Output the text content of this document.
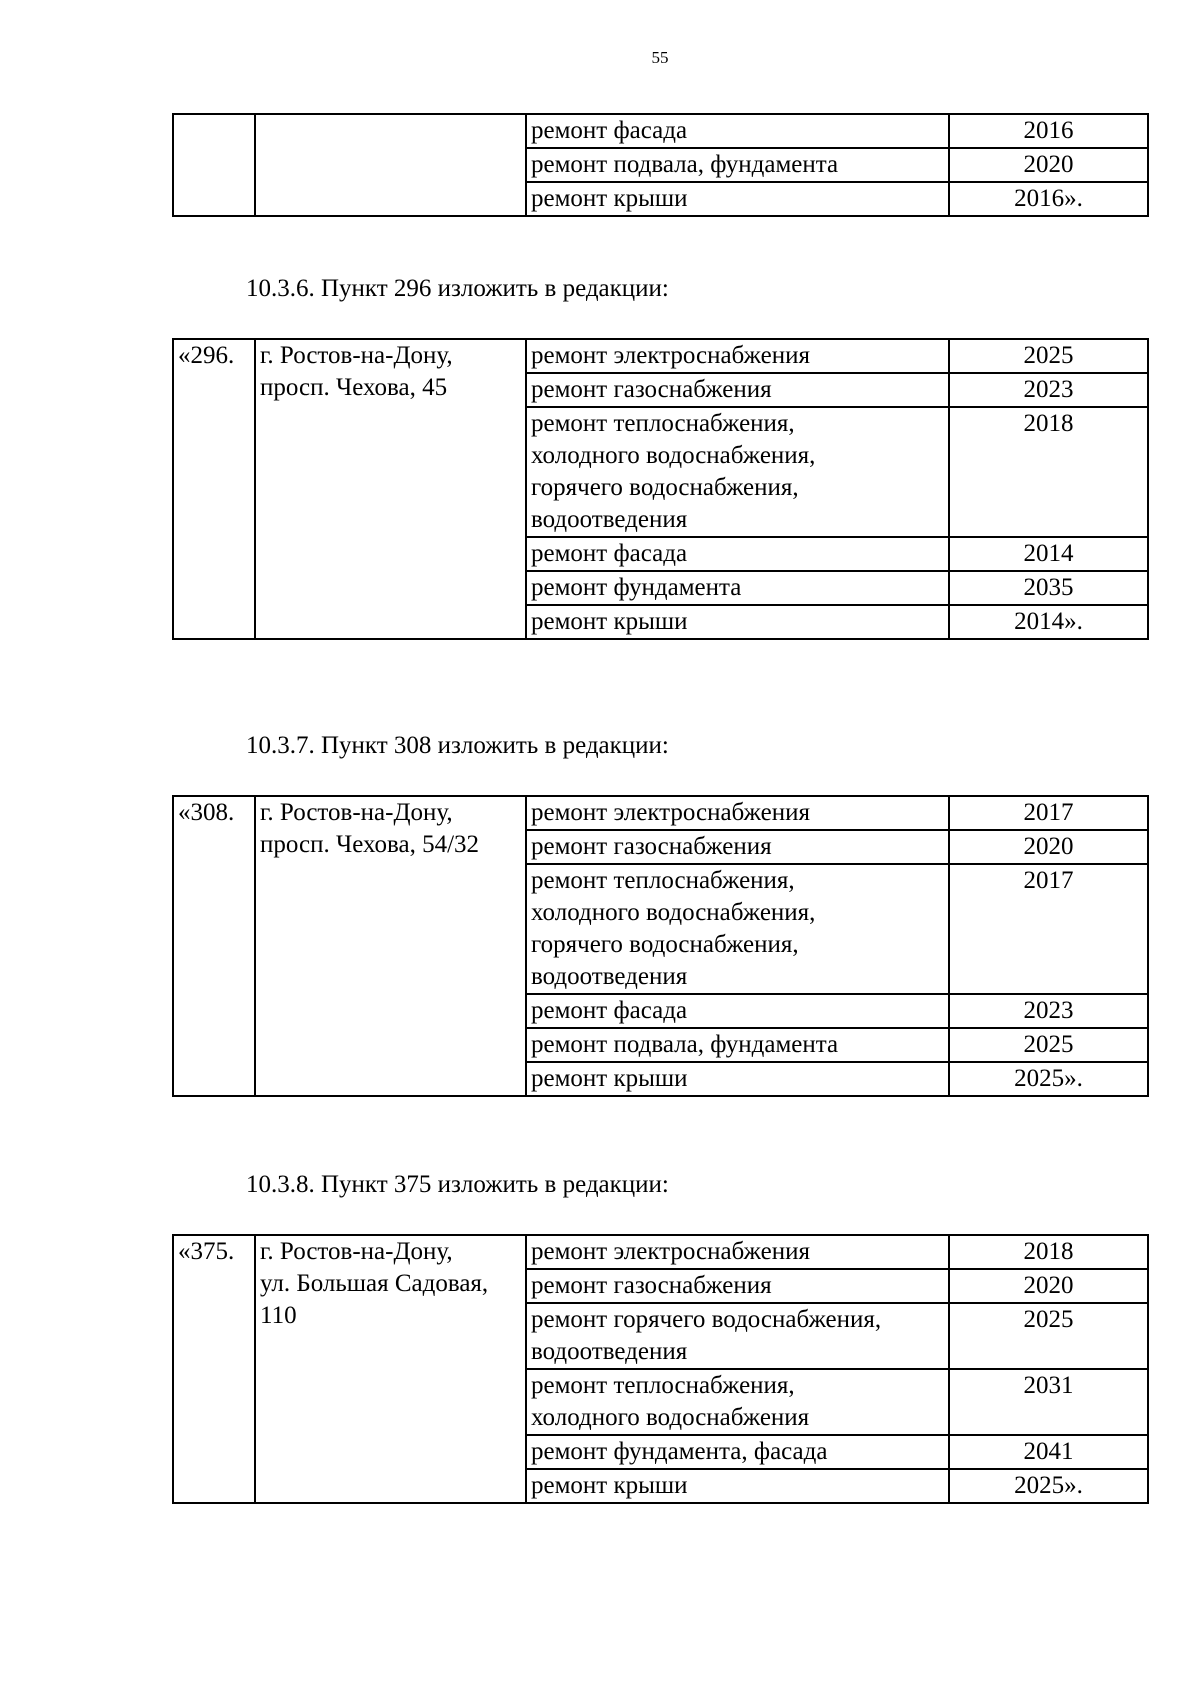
55
		ремонт фасада	2016
		ремонт подвала, фундамента	2020
		ремонт крыши	2016».
10.3.6. Пункт 296 изложить в редакции:
«296.	г. Ростов-на-Дону,
просп. Чехова, 45	ремонт электроснабжения	2025
		ремонт газоснабжения	2023
		ремонт теплоснабжения,
холодного водоснабжения,
горячего водоснабжения,
водоотведения	2018
		ремонт фасада	2014
		ремонт фундамента	2035
		ремонт крыши	2014».
10.3.7. Пункт 308 изложить в редакции:
«308.	г. Ростов-на-Дону,
просп. Чехова, 54/32	ремонт электроснабжения	2017
		ремонт газоснабжения	2020
		ремонт теплоснабжения,
холодного водоснабжения,
горячего водоснабжения,
водоотведения	2017
		ремонт фасада	2023
		ремонт подвала, фундамента	2025
		ремонт крыши	2025».
10.3.8. Пункт 375 изложить в редакции:
«375.	г. Ростов-на-Дону,
ул. Большая Садовая,
110	ремонт электроснабжения	2018
		ремонт газоснабжения	2020
		ремонт горячего водоснабжения,
водоотведения	2025
		ремонт теплоснабжения,
холодного водоснабжения	2031
		ремонт фундамента, фасада	2041
		ремонт крыши	2025».
